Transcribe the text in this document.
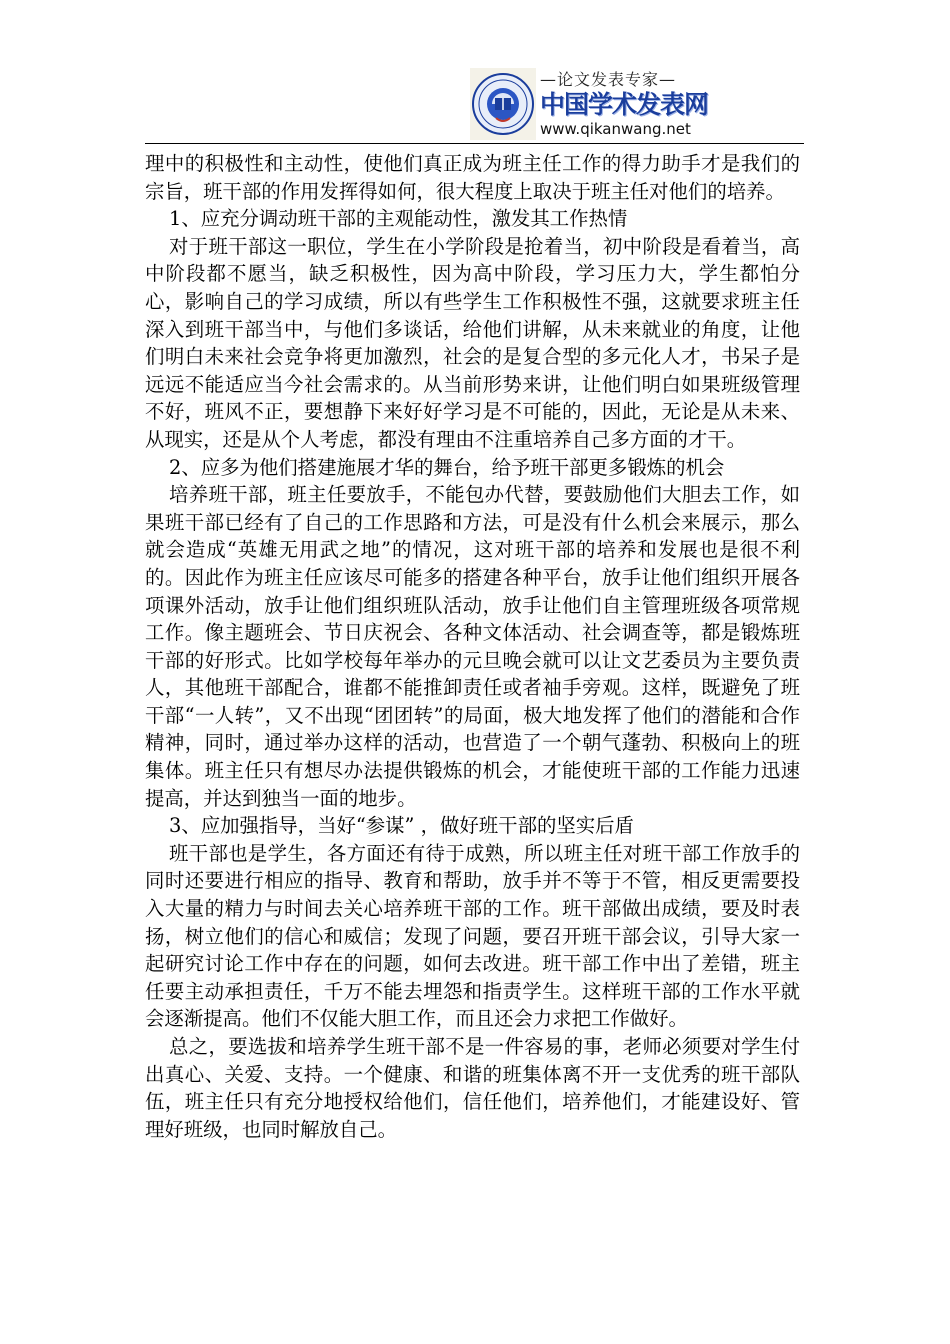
—论文发表专家—
中国学术发表网
www.qikanwang.net

理中的积极性和主动性，使他们真正成为班主任工作的得力助手才是我们的宗旨，班干部的作用发挥得如何，很大程度上取决于班主任对他们的培养。

1、应充分调动班干部的主观能动性，激发其工作热情

对于班干部这一职位，学生在小学阶段是抢着当，初中阶段是看着当，高中阶段都不愿当，缺乏积极性，因为高中阶段，学习压力大，学生都怕分心，影响自己的学习成绩，所以有些学生工作积极性不强，这就要求班主任深入到班干部当中，与他们多谈话，给他们讲解，从未来就业的角度，让他们明白未来社会竞争将更加激烈，社会的是复合型的多元化人才，书呆子是远远不能适应当今社会需求的。从当前形势来讲，让他们明白如果班级管理不好，班风不正，要想静下来好好学习是不可能的，因此，无论是从未来、从现实，还是从个人考虑，都没有理由不注重培养自己多方面的才干。

2、应多为他们搭建施展才华的舞台，给予班干部更多锻炼的机会

培养班干部，班主任要放手，不能包办代替，要鼓励他们大胆去工作，如果班干部已经有了自己的工作思路和方法，可是没有什么机会来展示，那么就会造成“英雄无用武之地”的情况，这对班干部的培养和发展也是很不利的。因此作为班主任应该尽可能多的搭建各种平台，放手让他们组织开展各项课外活动，放手让他们组织班队活动，放手让他们自主管理班级各项常规工作。像主题班会、节日庆祝会、各种文体活动、社会调查等，都是锻炼班干部的好形式。比如学校每年举办的元旦晚会就可以让文艺委员为主要负责人，其他班干部配合，谁都不能推卸责任或者袖手旁观。这样，既避免了班干部“一人转”，又不出现“团团转”的局面，极大地发挥了他们的潜能和合作精神，同时，通过举办这样的活动，也营造了一个朝气蓬勃、积极向上的班集体。班主任只有想尽办法提供锻炼的机会，才能使班干部的工作能力迅速提高，并达到独当一面的地步。

3、应加强指导，当好“参谋” ，做好班干部的坚实后盾

班干部也是学生，各方面还有待于成熟，所以班主任对班干部工作放手的同时还要进行相应的指导、教育和帮助，放手并不等于不管，相反更需要投入大量的精力与时间去关心培养班干部的工作。班干部做出成绩，要及时表扬，树立他们的信心和威信；发现了问题，要召开班干部会议，引导大家一起研究讨论工作中存在的问题，如何去改进。班干部工作中出了差错，班主任要主动承担责任，千万不能去埋怨和指责学生。这样班干部的工作水平就会逐渐提高。他们不仅能大胆工作，而且还会力求把工作做好。

总之，要选拔和培养学生班干部不是一件容易的事，老师必须要对学生付出真心、关爱、支持。一个健康、和谐的班集体离不开一支优秀的班干部队伍，班主任只有充分地授权给他们，信任他们，培养他们，才能建设好、管理好班级，也同时解放自己。
